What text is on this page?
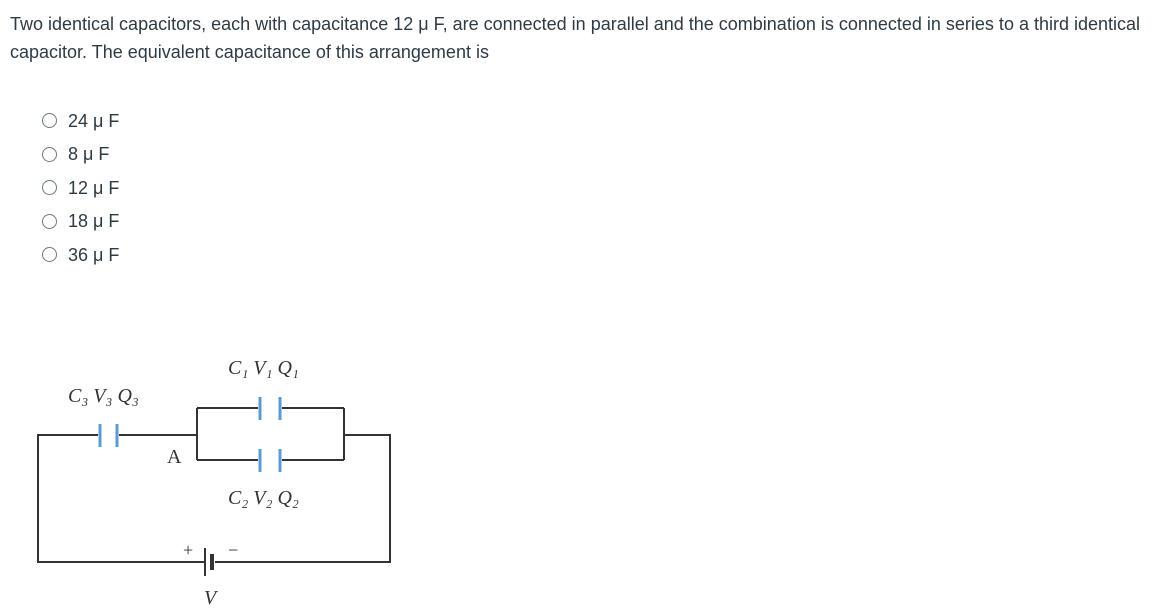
Two identical capacitors, each with capacitance 12 μ F, are connected in parallel and the combination is connected in series to a third identical capacitor. The equivalent capacitance of this arrangement is

24 μ F
8 μ F
12 μ F
18 μ F
36 μ F
C₃ V₃ Q₃
C₁ V₁ Q₁
C₂ V₂ Q₂
A
+ −
V
